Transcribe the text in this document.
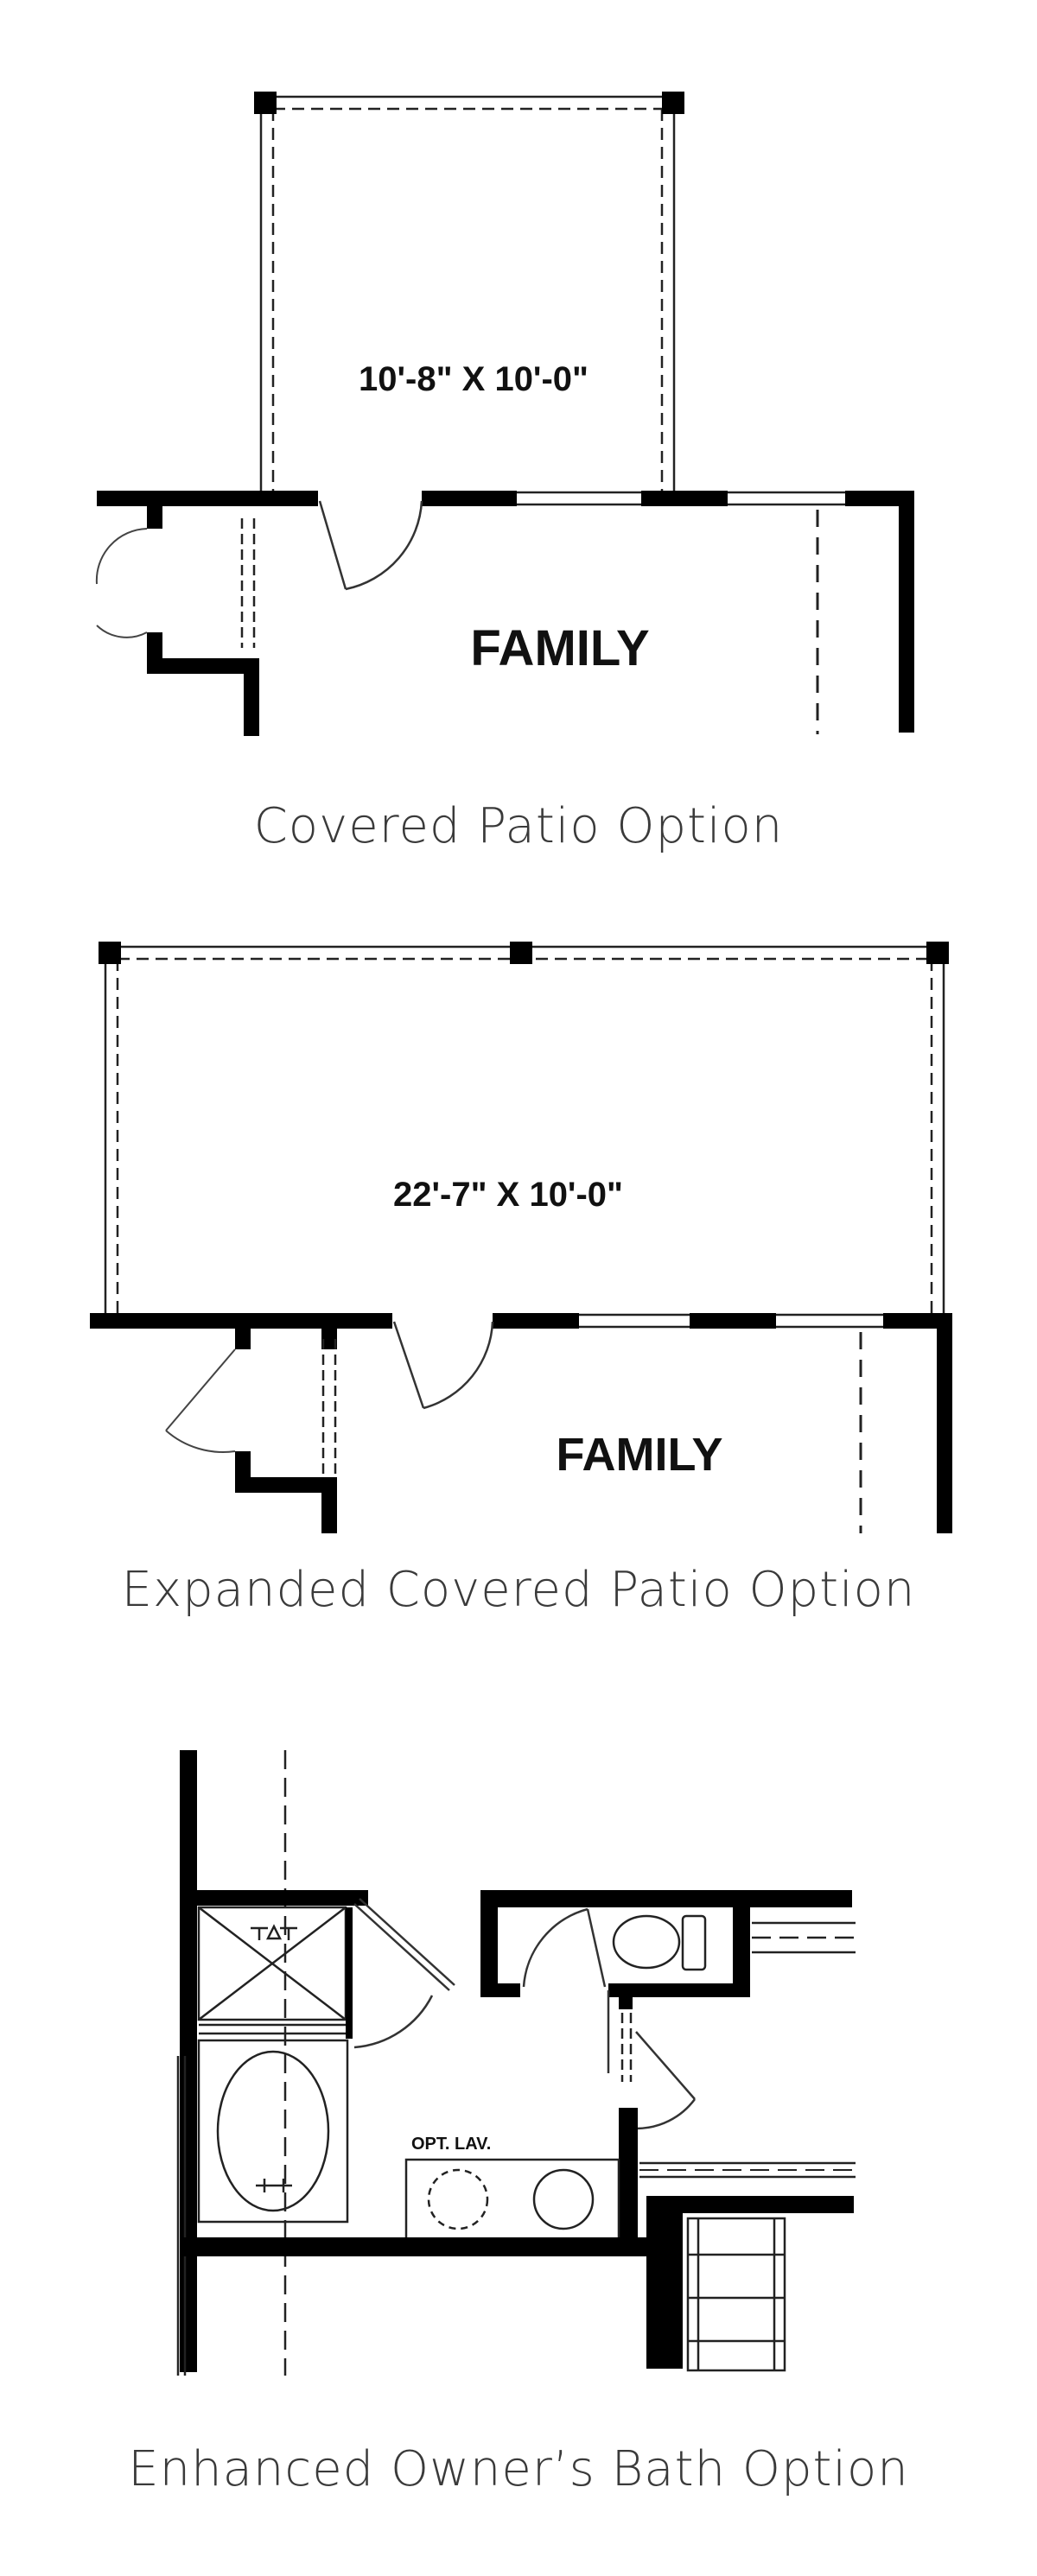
10'-8" X 10'-0"
FAMILY
Covered Patio Option
22'-7" X 10'-0"
FAMILY
Expanded Covered Patio Option
OPT. LAV.
Enhanced Owner’s Bath Option
